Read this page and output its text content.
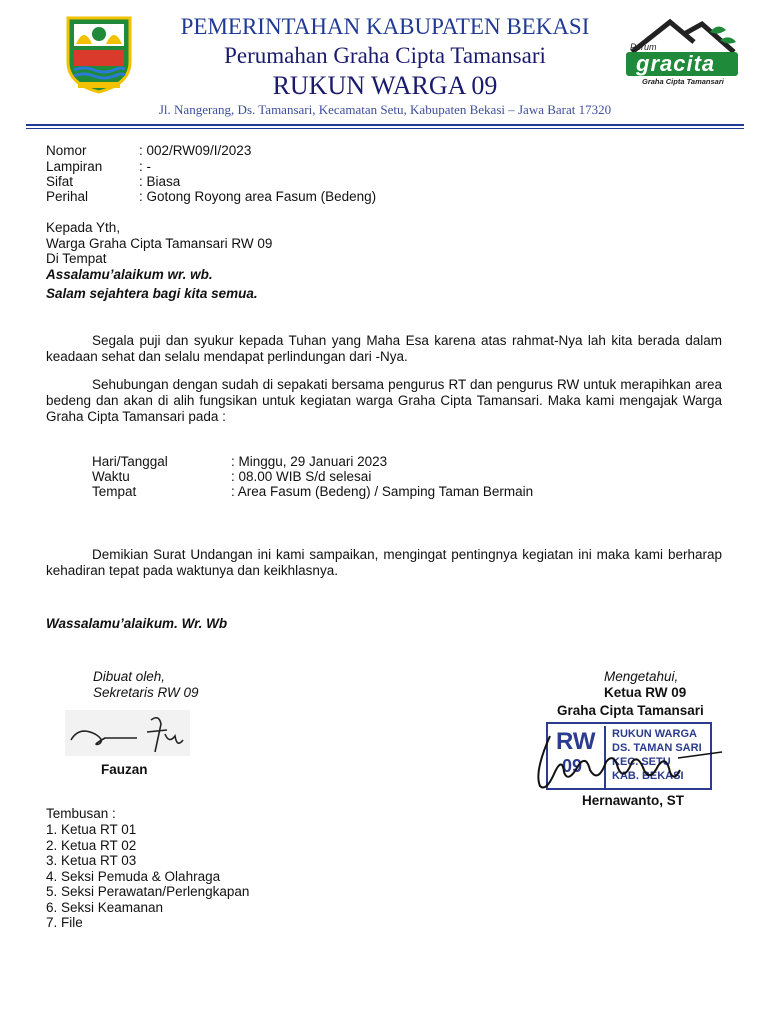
PEMERINTAHAN KABUPATEN BEKASI
Perumahan Graha Cipta Tamansari
RUKUN WARGA 09
Jl. Nangerang, Ds. Tamansari, Kecamatan Setu, Kabupaten Bekasi – Jawa Barat 17320
Perum
gracita
Graha Cipta Tamansari
Nomor	: 002/RW09/I/2023
Lampiran	: -
Sifat	: Biasa
Perihal	: Gotong Royong area Fasum (Bedeng)
Kepada Yth,
Warga Graha Cipta Tamansari RW 09
Di Tempat
Assalamu’alaikum wr. wb.
Salam sejahtera bagi kita semua.
Segala puji dan syukur kepada Tuhan yang Maha Esa karena atas rahmat-Nya lah kita berada dalam keadaan sehat dan selalu mendapat perlindungan dari -Nya.
Sehubungan dengan sudah di sepakati bersama pengurus RT dan pengurus RW untuk merapihkan area bedeng dan akan di alih fungsikan untuk kegiatan warga Graha Cipta Tamansari. Maka kami mengajak Warga Graha Cipta Tamansari pada :
Hari/Tanggal	: Minggu, 29 Januari 2023
Waktu	: 08.00 WIB S/d selesai
Tempat	: Area Fasum (Bedeng) / Samping Taman Bermain
Demikian Surat Undangan ini kami sampaikan, mengingat pentingnya kegiatan ini maka kami berharap kehadiran tepat pada waktunya dan keikhlasnya.
Wassalamu’alaikum. Wr. Wb
Dibuat oleh,
Sekretaris RW 09
Fauzan
Mengetahui,
Ketua RW 09
Graha Cipta Tamansari
RW
09
RUKUN WARGA
DS. TAMAN SARI
KEC. SETU
KAB. BEKASI
Hernawanto, ST
Tembusan :
1. Ketua RT 01
2. Ketua RT 02
3. Ketua RT 03
4. Seksi Pemuda & Olahraga
5. Seksi Perawatan/Perlengkapan
6. Seksi Keamanan
7. File
